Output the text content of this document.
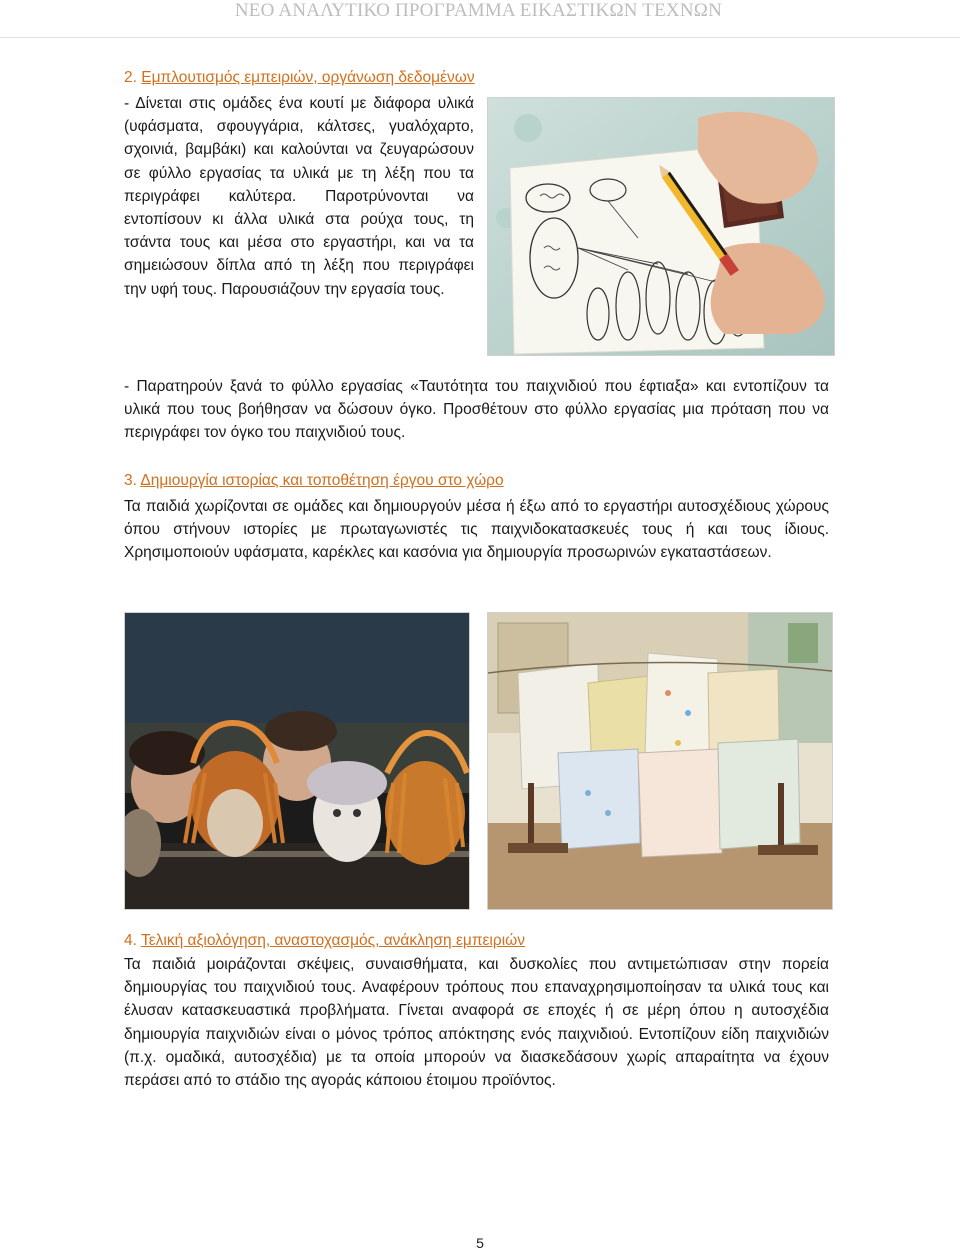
ΝΕΟ ΑΝΑΛΥΤΙΚΟ ΠΡΟΓΡΑΜΜΑ ΕΙΚΑΣΤΙΚΩΝ ΤΕΧΝΩΝ
2. Εμπλουτισμός εμπειριών, οργάνωση δεδομένων

- Δίνεται στις ομάδες ένα κουτί με διάφορα υλικά (υφάσματα, σφουγγάρια, κάλτσες, γυαλόχαρτο, σχοινιά, βαμβάκι) και καλούνται να ζευγαρώσουν σε φύλλο εργασίας τα υλικά με τη λέξη που τα περιγράφει καλύτερα. Παροτρύνονται να εντοπίσουν κι άλλα υλικά στα ρούχα τους, τη τσάντα τους και μέσα στο εργαστήρι, και να τα σημειώσουν δίπλα από τη λέξη που περιγράφει την υφή τους. Παρουσιάζουν την εργασία τους.

- Παρατηρούν ξανά το φύλλο εργασίας «Ταυτότητα του παιχνιδιού που έφτιαξα» και εντοπίζουν τα υλικά που τους βοήθησαν να δώσουν όγκο. Προσθέτουν στο φύλλο εργασίας μια πρόταση που να περιγράφει τον όγκο του παιχνιδιού τους.

3. Δημιουργία ιστορίας και τοποθέτηση έργου στο χώρο

Τα παιδιά χωρίζονται σε ομάδες και δημιουργούν μέσα ή έξω από το εργαστήρι αυτοσχέδιους χώρους όπου στήνουν ιστορίες με πρωταγωνιστές τις παιχνιδοκατασκευές τους ή και τους ίδιους. Χρησιμοποιούν υφάσματα, καρέκλες και κασόνια για δημιουργία προσωρινών εγκαταστάσεων.

4. Τελική αξιολόγηση, αναστοχασμός, ανάκληση εμπειριών

Τα παιδιά μοιράζονται σκέψεις, συναισθήματα, και δυσκολίες που αντιμετώπισαν στην πορεία δημιουργίας του παιχνιδιού τους. Αναφέρουν τρόπους που επαναχρησιμοποίησαν τα υλικά τους και έλυσαν κατασκευαστικά προβλήματα. Γίνεται αναφορά σε εποχές ή σε μέρη όπου η αυτοσχέδια δημιουργία παιχνιδιών είναι ο μόνος τρόπος απόκτησης ενός παιχνιδιού. Εντοπίζουν είδη παιχνιδιών (π.χ. ομαδικά, αυτοσχέδια) με τα οποία μπορούν να διασκεδάσουν χωρίς απαραίτητα να έχουν περάσει από το στάδιο της αγοράς κάποιου έτοιμου προϊόντος.

5
